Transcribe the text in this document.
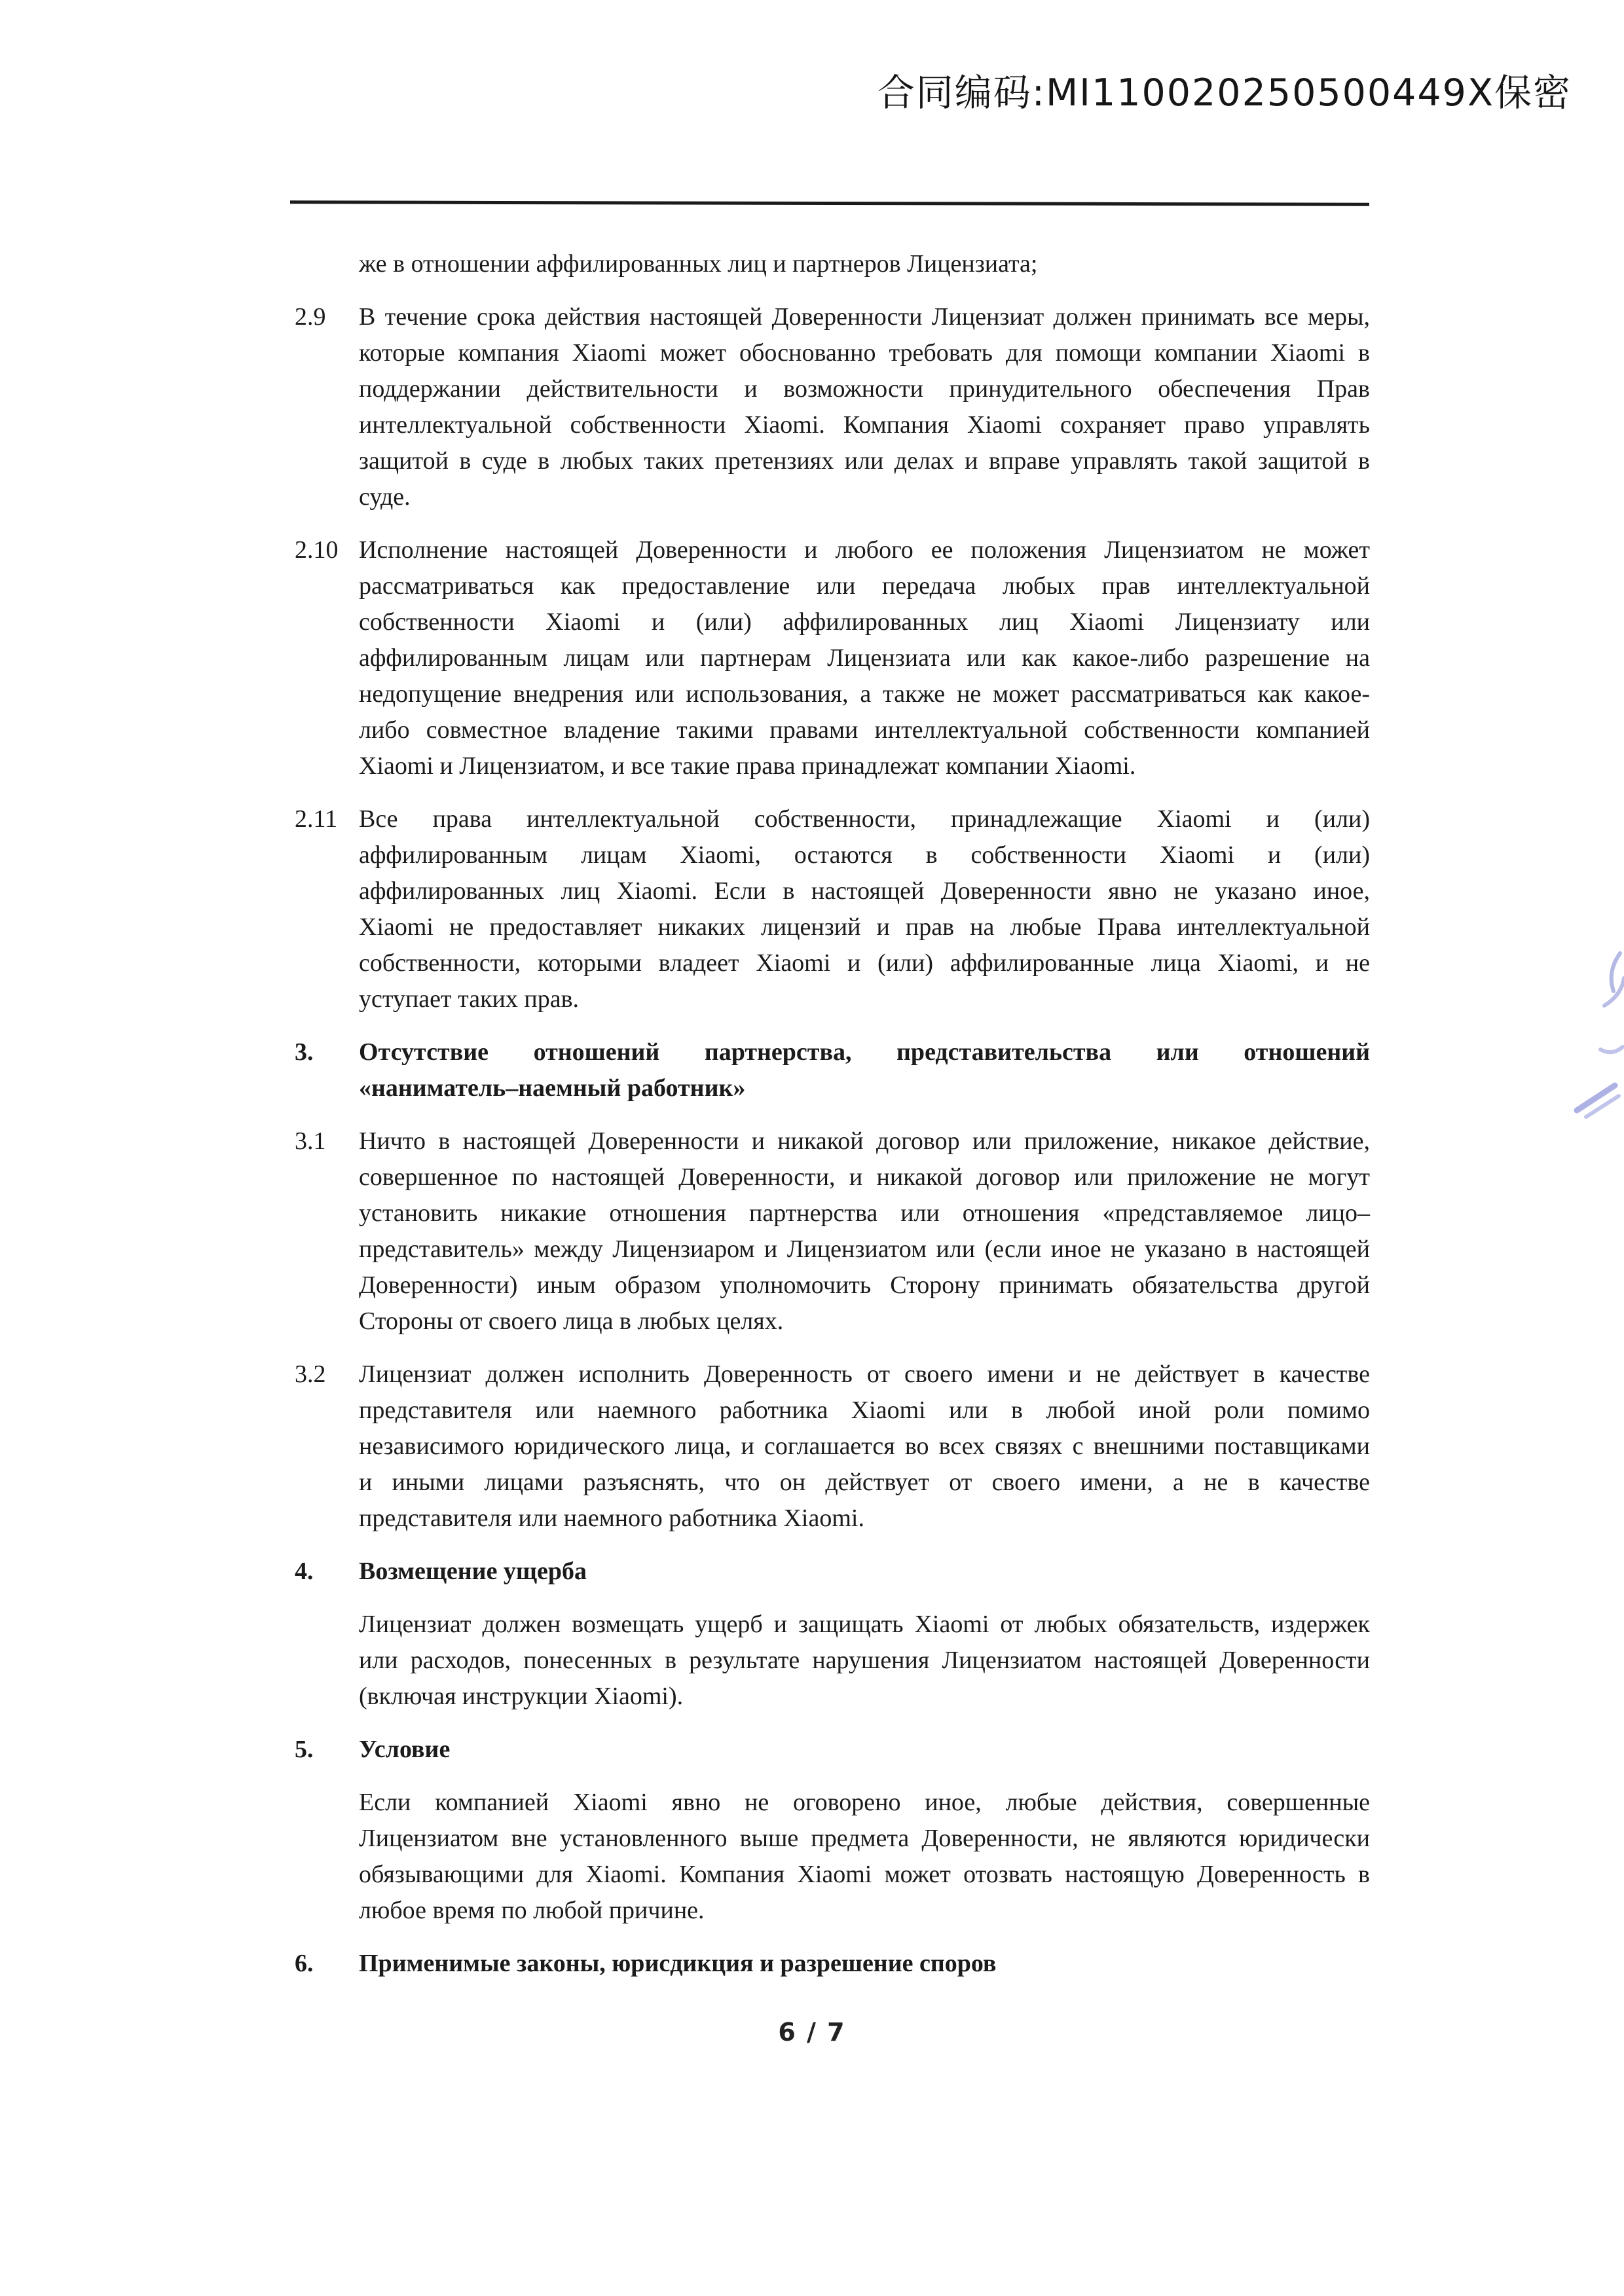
合同编码:MI110020250500449X保密
же в отношении аффилированных лиц и партнеров Лицензиата;
2.9 В течение срока действия настоящей Доверенности Лицензиат должен принимать все меры,
которые компания Xiaomi может обоснованно требовать для помощи компании Xiaomi в
поддержании действительности и возможности принудительного обеспечения Прав
интеллектуальной собственности Xiaomi. Компания Xiaomi сохраняет право управлять
защитой в суде в любых таких претензиях или делах и вправе управлять такой защитой в
суде.
2.10 Исполнение настоящей Доверенности и любого ее положения Лицензиатом не может
рассматриваться как предоставление или передача любых прав интеллектуальной
собственности Xiaomi и (или) аффилированных лиц Xiaomi Лицензиату или
аффилированным лицам или партнерам Лицензиата или как какое-либо разрешение на
недопущение внедрения или использования, а также не может рассматриваться как какое-
либо совместное владение такими правами интеллектуальной собственности компанией
Xiaomi и Лицензиатом, и все такие права принадлежат компании Xiaomi.
2.11 Все права интеллектуальной собственности, принадлежащие Xiaomi и (или)
аффилированным лицам Xiaomi, остаются в собственности Xiaomi и (или)
аффилированных лиц Xiaomi. Если в настоящей Доверенности явно не указано иное,
Xiaomi не предоставляет никаких лицензий и прав на любые Права интеллектуальной
собственности, которыми владеет Xiaomi и (или) аффилированные лица Xiaomi, и не
уступает таких прав.
3. Отсутствие отношений партнерства, представительства или отношений
«наниматель–наемный работник»
3.1 Ничто в настоящей Доверенности и никакой договор или приложение, никакое действие,
совершенное по настоящей Доверенности, и никакой договор или приложение не могут
установить никакие отношения партнерства или отношения «представляемое лицо–
представитель» между Лицензиаром и Лицензиатом или (если иное не указано в настоящей
Доверенности) иным образом уполномочить Сторону принимать обязательства другой
Стороны от своего лица в любых целях.
3.2 Лицензиат должен исполнить Доверенность от своего имени и не действует в качестве
представителя или наемного работника Xiaomi или в любой иной роли помимо
независимого юридического лица, и соглашается во всех связях с внешними поставщиками
и иными лицами разъяснять, что он действует от своего имени, а не в качестве
представителя или наемного работника Xiaomi.
4. Возмещение ущерба
Лицензиат должен возмещать ущерб и защищать Xiaomi от любых обязательств, издержек
или расходов, понесенных в результате нарушения Лицензиатом настоящей Доверенности
(включая инструкции Xiaomi).
5. Условие
Если компанией Xiaomi явно не оговорено иное, любые действия, совершенные
Лицензиатом вне установленного выше предмета Доверенности, не являются юридически
обязывающими для Xiaomi. Компания Xiaomi может отозвать настоящую Доверенность в
любое время по любой причине.
6. Применимые законы, юрисдикция и разрешение споров
6 / 7
